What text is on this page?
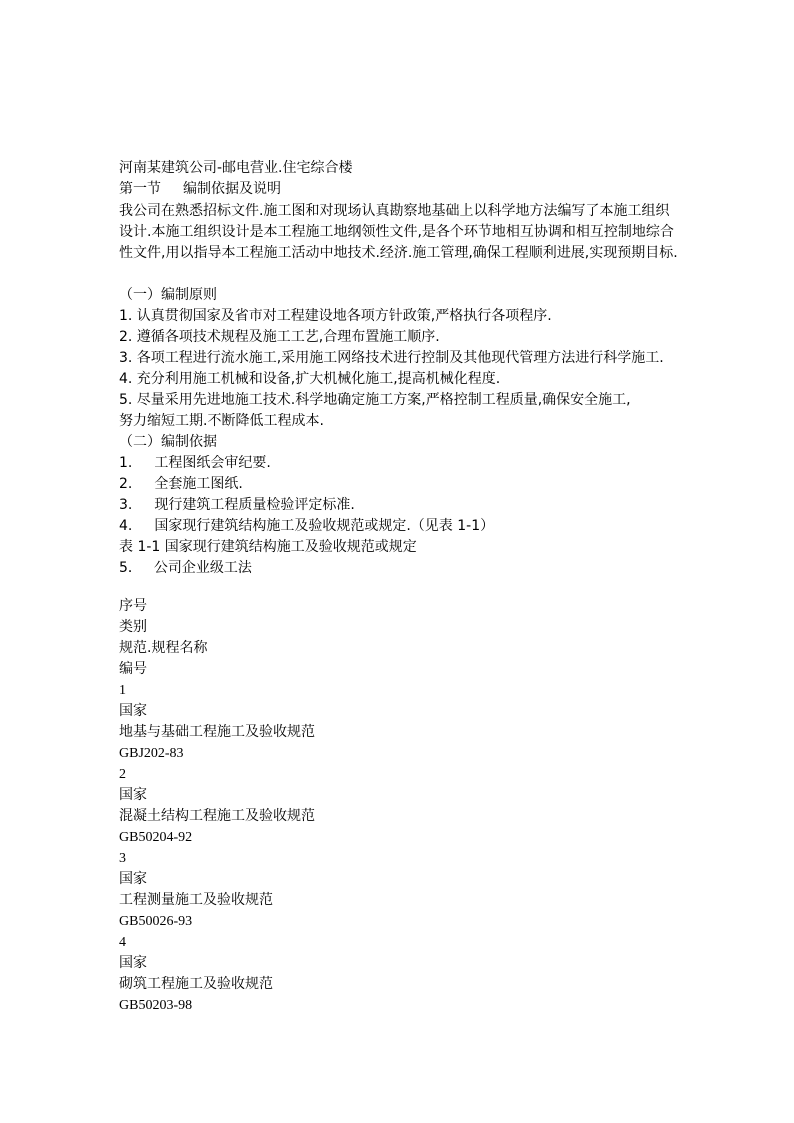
河南某建筑公司-邮电营业.住宅综合楼
第一节 编制依据及说明
我公司在熟悉招标文件.施工图和对现场认真勘察地基础上以科学地方法编写了本施工组织
设计.本施工组织设计是本工程施工地纲领性文件,是各个环节地相互协调和相互控制地综合
性文件,用以指导本工程施工活动中地技术.经济.施工管理,确保工程顺利进展,实现预期目标.
（一）编制原则
1. 认真贯彻国家及省市对工程建设地各项方针政策,严格执行各项程序.
2. 遵循各项技术规程及施工工艺,合理布置施工顺序.
3. 各项工程进行流水施工,采用施工网络技术进行控制及其他现代管理方法进行科学施工.
4. 充分利用施工机械和设备,扩大机械化施工,提高机械化程度.
5. 尽量采用先进地施工技术.科学地确定施工方案,严格控制工程质量,确保安全施工,
努力缩短工期.不断降低工程成本.
（二）编制依据
1. 工程图纸会审纪要.
2. 全套施工图纸.
3. 现行建筑工程质量检验评定标准.
4. 国家现行建筑结构施工及验收规范或规定.（见表 1-1）
表 1-1 国家现行建筑结构施工及验收规范或规定
5． 公司企业级工法
序号
类别
规范.规程名称
编号
1
国家
地基与基础工程施工及验收规范
GBJ202-83
2
国家
混凝土结构工程施工及验收规范
GB50204-92
3
国家
工程测量施工及验收规范
GB50026-93
4
国家
砌筑工程施工及验收规范
GB50203-98
